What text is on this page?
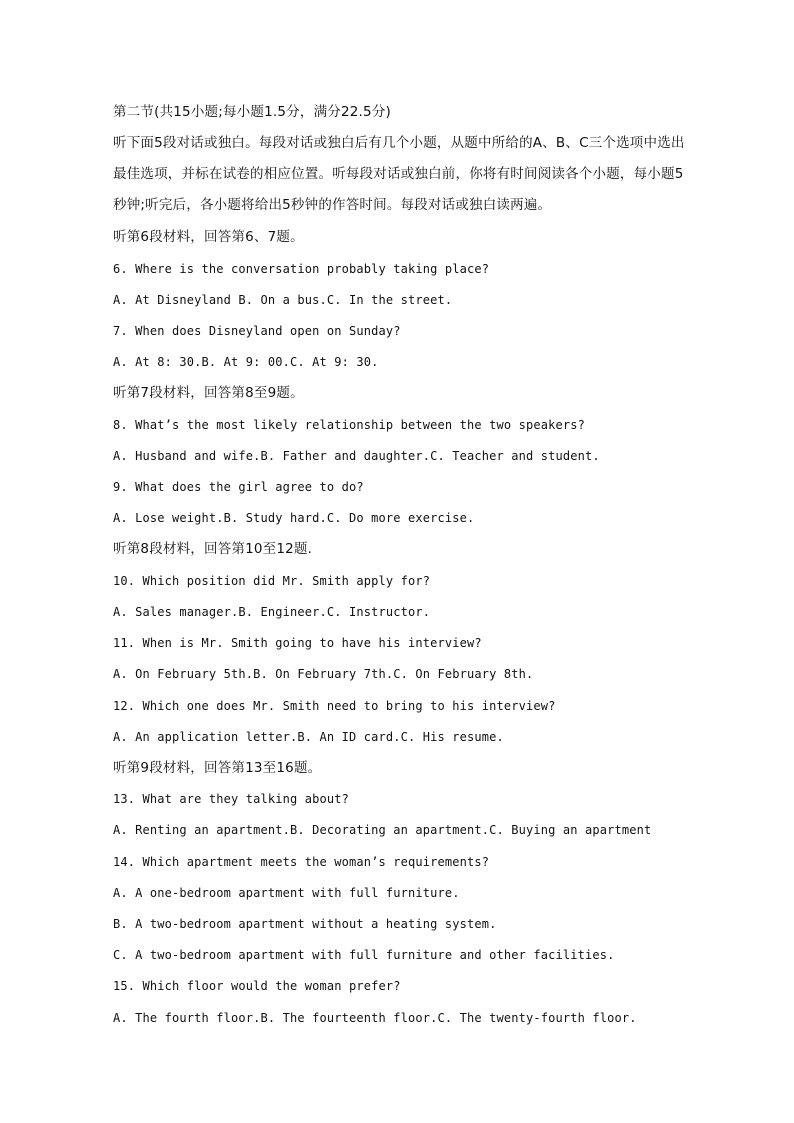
第二节(共15小题;每小题1.5分，满分22.5分)
听下面5段对话或独白。每段对话或独白后有几个小题，从题中所给的A、B、C三个选项中选出
最佳选项，并标在试卷的相应位置。听每段对话或独白前，你将有时间阅读各个小题，每小题5
秒钟;听完后，各小题将给出5秒钟的作答时间。每段对话或独白读两遍。
听第6段材料，回答第6、7题。
6. Where is the conversation probably taking place?
A. At Disneyland B. On a bus.C. In the street.
7. When does Disneyland open on Sunday?
A. At 8: 30.B. At 9: 00.C. At 9: 30.
听第7段材料，回答第8至9题。
8. What’s the most likely relationship between the two speakers?
A. Husband and wife.B. Father and daughter.C. Teacher and student.
9. What does the girl agree to do?
A. Lose weight.B. Study hard.C. Do more exercise.
听第8段材料，回答第10至12题.
10. Which position did Mr. Smith apply for?
A. Sales manager.B. Engineer.C. Instructor.
11. When is Mr. Smith going to have his interview?
A. On February 5th.B. On February 7th.C. On February 8th.
12. Which one does Mr. Smith need to bring to his interview?
A. An application letter.B. An ID card.C. His resume.
听第9段材料，回答第13至16题。
13. What are they talking about?
A. Renting an apartment.B. Decorating an apartment.C. Buying an apartment
14. Which apartment meets the woman’s requirements?
A. A one-bedroom apartment with full furniture.
B. A two-bedroom apartment without a heating system.
C. A two-bedroom apartment with full furniture and other facilities.
15. Which floor would the woman prefer?
A. The fourth floor.B. The fourteenth floor.C. The twenty-fourth floor.
